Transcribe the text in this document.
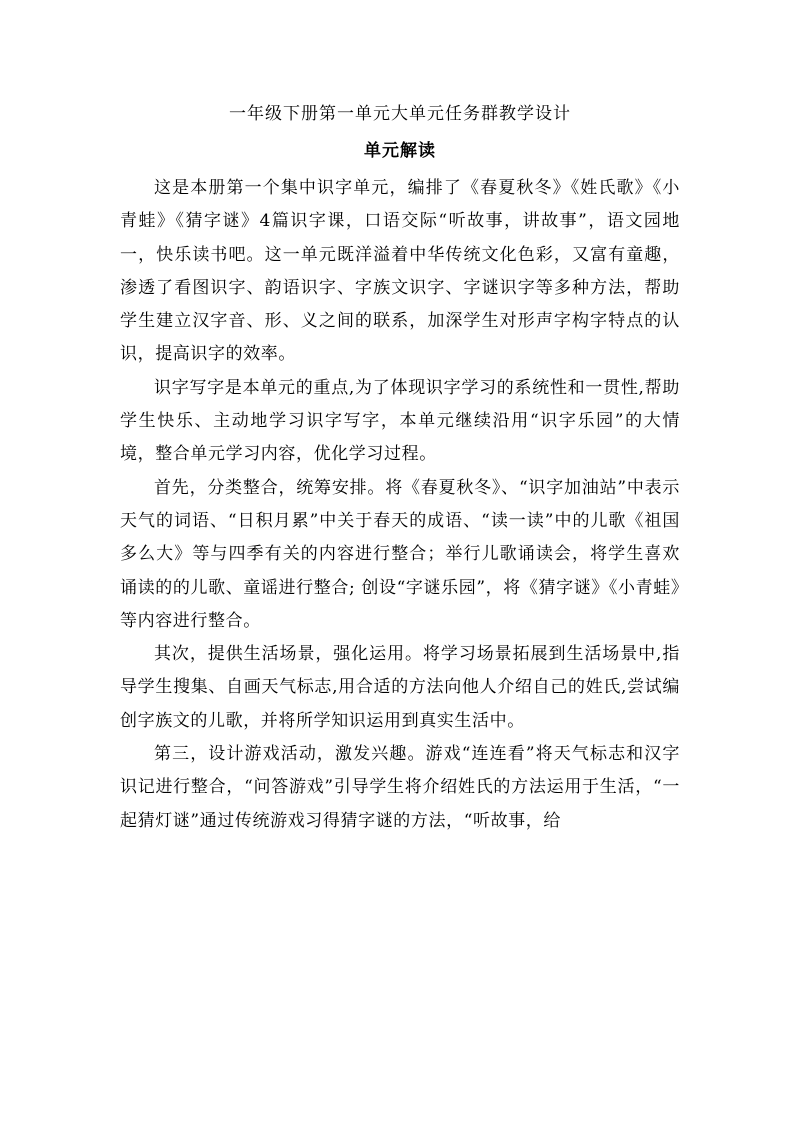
一年级下册第一单元大单元任务群教学设计
单元解读

这是本册第一个集中识字单元，编排了《春夏秋冬》《姓氏歌》《小青蛙》《猜字谜》4篇识字课，口语交际“听故事，讲故事”，语文园地一，快乐读书吧。这一单元既洋溢着中华传统文化色彩，又富有童趣，渗透了看图识字、韵语识字、字族文识字、字谜识字等多种方法，帮助学生建立汉字音、形、义之间的联系，加深学生对形声字构字特点的认识，提高识字的效率。

识字写字是本单元的重点,为了体现识字学习的系统性和一贯性,帮助学生快乐、主动地学习识字写字，本单元继续沿用“识字乐园”的大情境，整合单元学习内容，优化学习过程。

首先，分类整合，统筹安排。将《春夏秋冬》、“识字加油站”中表示天气的词语、“日积月累”中关于春天的成语、“读一读”中的儿歌《祖国多么大》等与四季有关的内容进行整合；举行儿歌诵读会，将学生喜欢诵读的的儿歌、童谣进行整合; 创设“字谜乐园”，将《猜字谜》《小青蛙》等内容进行整合。

其次，提供生活场景，强化运用。将学习场景拓展到生活场景中,指导学生搜集、自画天气标志,用合适的方法向他人介绍自己的姓氏,尝试编创字族文的儿歌，并将所学知识运用到真实生活中。

第三，设计游戏活动，激发兴趣。游戏“连连看”将天气标志和汉字识记进行整合，“问答游戏”引导学生将介绍姓氏的方法运用于生活，“一起猜灯谜”通过传统游戏习得猜字谜的方法，“听故事，给
